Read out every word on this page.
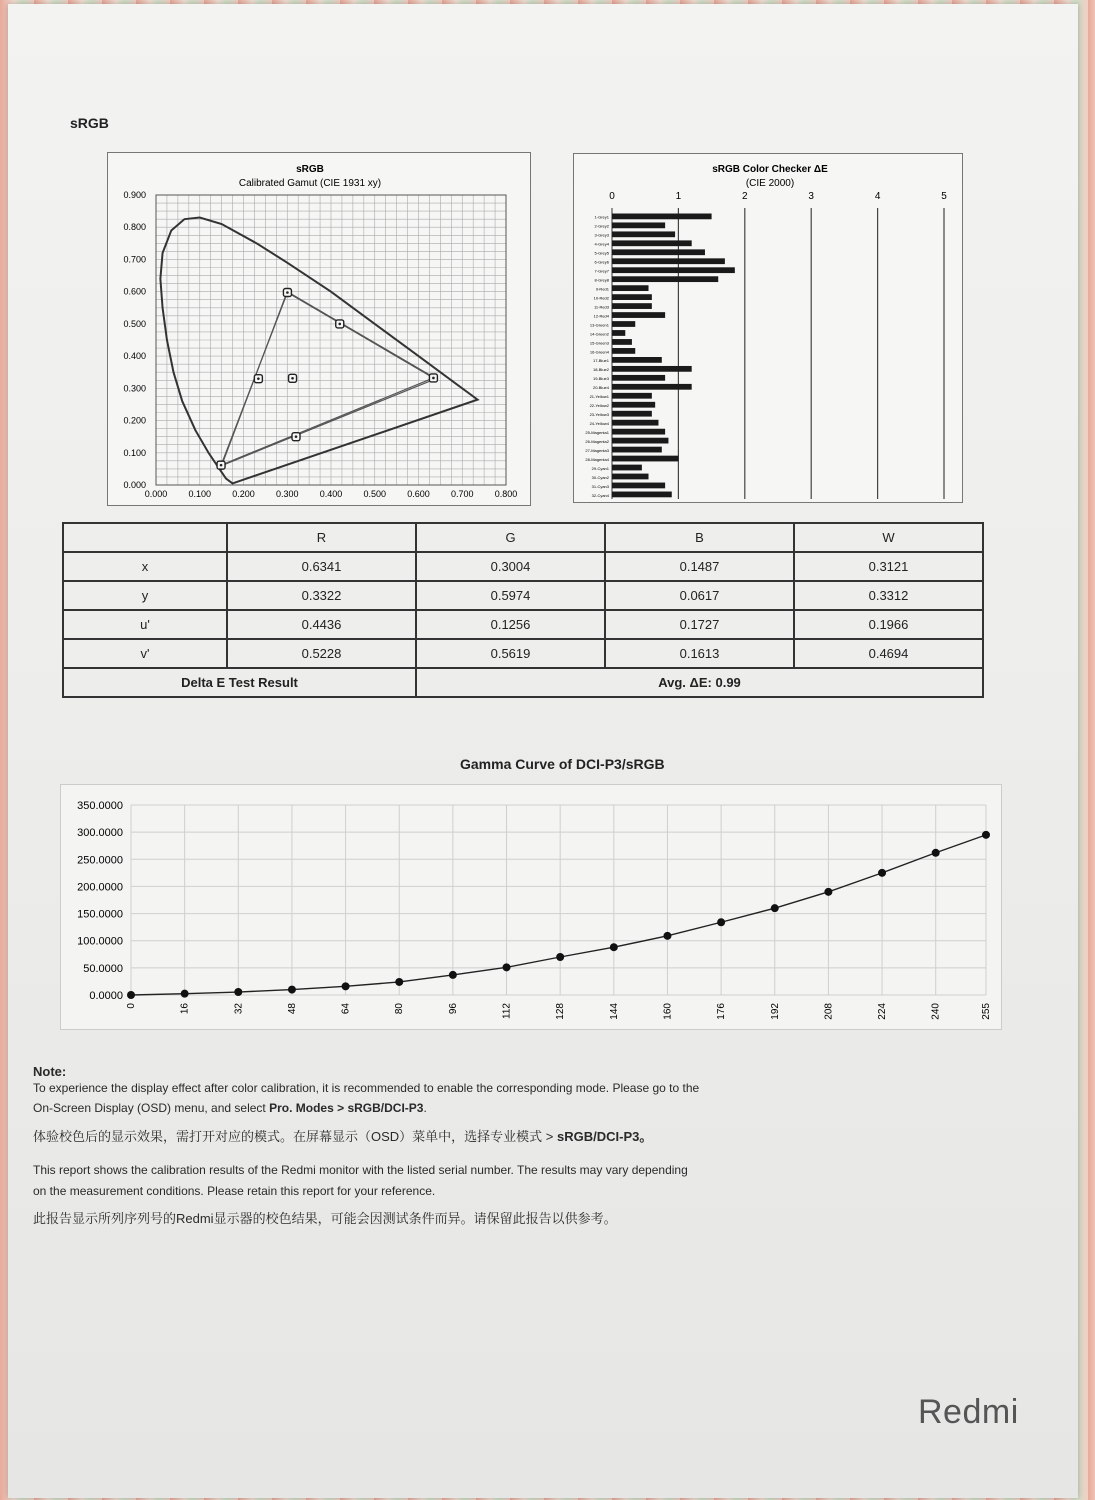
sRGB
sRGB
Calibrated Gamut (CIE 1931 xy)
0.900
0.800
0.700
0.600
0.500
0.400
0.300
0.200
0.100
0.000
0.000 0.100 0.200 0.300 0.400 0.500 0.600 0.700 0.800
sRGB Color Checker ΔE
(CIE 2000)
0	1	2	3	4	5
1-Grey1
2-Grey2
3-Grey3
4-Grey4
5-Grey5
6-Grey6
7-Grey7
8-Grey8
9-Red1
10-Red2
11-Red3
12-Red4
13-Green1
14-Green2
15-Green3
16-Green4
17-Blue1
18-Blue2
19-Blue3
20-Blue4
21-Yellow1
22-Yellow2
23-Yellow3
24-Yellow4
25-Magenta1
26-Magenta2
27-Magenta3
28-Magenta4
29-Cyan1
30-Cyan2
31-Cyan3
32-Cyan4
	R	G	B	W
x	0.6341	0.3004	0.1487	0.3121
y	0.3322	0.5974	0.0617	0.3312
u'	0.4436	0.1256	0.1727	0.1966
v'	0.5228	0.5619	0.1613	0.4694
Delta E Test Result		Avg. ΔE: 0.99		
Gamma Curve of DCI-P3/sRGB
350.0000
300.0000
250.0000
200.0000
150.0000
100.0000
50.0000
0.0000
0	16	32	48	64	80	96	112	128	144	160	176	192	208	224	240	255
Note:
To experience the display effect after color calibration, it is recommended to enable the corresponding mode. Please go to the
On-Screen Display (OSD) menu, and select Pro. Modes > sRGB/DCI-P3.
体验校色后的显示效果，需打开对应的模式。在屏幕显示（OSD）菜单中，选择专业模式 > sRGB/DCI-P3。
This report shows the calibration results of the Redmi monitor with the listed serial number. The results may vary depending
on the measurement conditions. Please retain this report for your reference.
此报告显示所列序列号的Redmi显示器的校色结果，可能会因测试条件而异。请保留此报告以供参考。
Redmi
